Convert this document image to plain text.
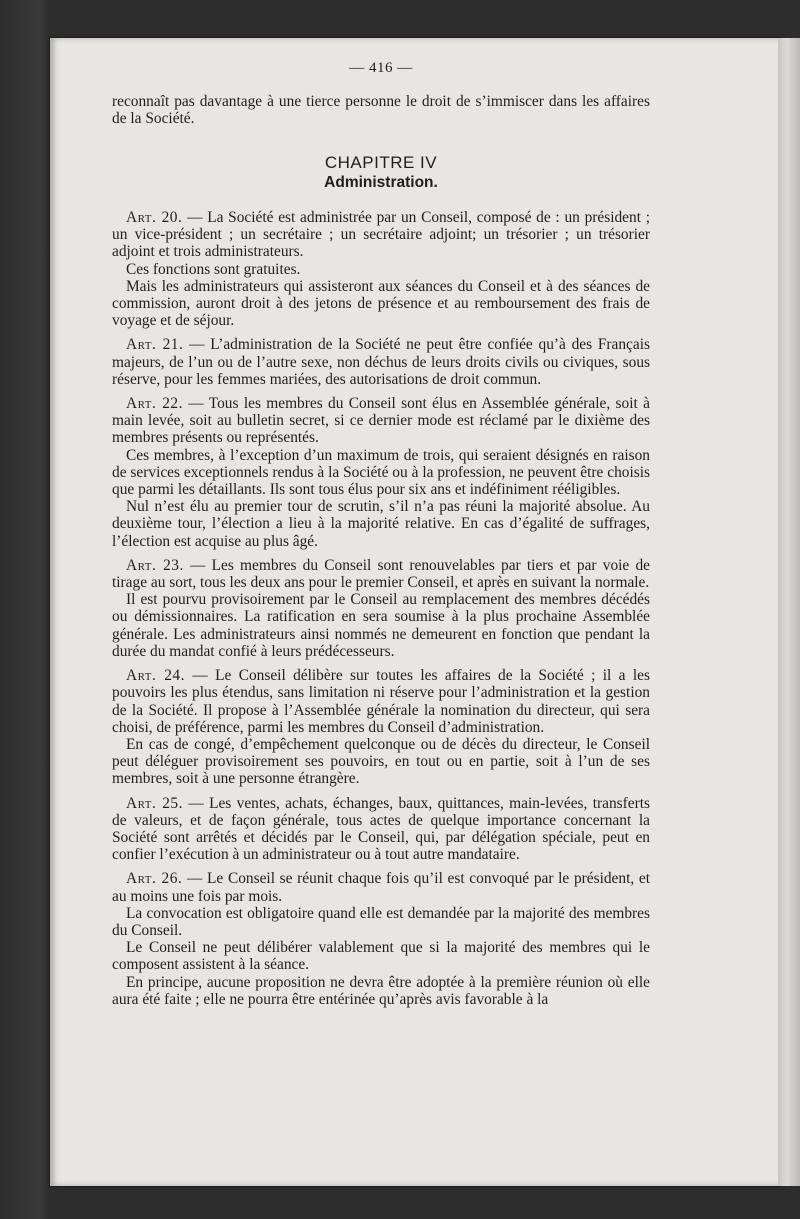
— 416 —

reconnaît pas davantage à une tierce personne le droit de s’immiscer dans les affaires de la Société.

CHAPITRE IV
Administration.

Art. 20. — La Société est administrée par un Conseil, composé de : un président ; un vice-président ; un secrétaire ; un secrétaire adjoint; un trésorier ; un trésorier adjoint et trois administrateurs.

Ces fonctions sont gratuites.

Mais les administrateurs qui assisteront aux séances du Conseil et à des séances de commission, auront droit à des jetons de présence et au remboursement des frais de voyage et de séjour.

Art. 21. — L’administration de la Société ne peut être confiée qu’à des Français majeurs, de l’un ou de l’autre sexe, non déchus de leurs droits civils ou civiques, sous réserve, pour les femmes mariées, des autorisations de droit commun.

Art. 22. — Tous les membres du Conseil sont élus en Assemblée générale, soit à main levée, soit au bulletin secret, si ce dernier mode est réclamé par le dixième des membres présents ou représentés.

Ces membres, à l’exception d’un maximum de trois, qui seraient désignés en raison de services exceptionnels rendus à la Société ou à la profession, ne peuvent être choisis que parmi les détaillants. Ils sont tous élus pour six ans et indéfiniment rééligibles.

Nul n’est élu au premier tour de scrutin, s’il n’a pas réuni la majorité absolue. Au deuxième tour, l’élection a lieu à la majorité relative. En cas d’égalité de suffrages, l’élection est acquise au plus âgé.

Art. 23. — Les membres du Conseil sont renouvelables par tiers et par voie de tirage au sort, tous les deux ans pour le premier Conseil, et après en suivant la normale.

Il est pourvu provisoirement par le Conseil au remplacement des membres décédés ou démissionnaires. La ratification en sera soumise à la plus prochaine Assemblée générale. Les administrateurs ainsi nommés ne demeurent en fonction que pendant la durée du mandat confié à leurs prédécesseurs.

Art. 24. — Le Conseil délibère sur toutes les affaires de la Société ; il a les pouvoirs les plus étendus, sans limitation ni réserve pour l’administration et la gestion de la Société. Il propose à l’Assemblée générale la nomination du directeur, qui sera choisi, de préférence, parmi les membres du Conseil d’administration.

En cas de congé, d’empêchement quelconque ou de décès du directeur, le Conseil peut déléguer provisoirement ses pouvoirs, en tout ou en partie, soit à l’un de ses membres, soit à une personne étrangère.

Art. 25. — Les ventes, achats, échanges, baux, quittances, main-levées, transferts de valeurs, et de façon générale, tous actes de quelque importance concernant la Société sont arrêtés et décidés par le Conseil, qui, par délégation spéciale, peut en confier l’exécution à un administrateur ou à tout autre mandataire.

Art. 26. — Le Conseil se réunit chaque fois qu’il est convoqué par le président, et au moins une fois par mois.

La convocation est obligatoire quand elle est demandée par la majorité des membres du Conseil.

Le Conseil ne peut délibérer valablement que si la majorité des membres qui le composent assistent à la séance.

En principe, aucune proposition ne devra être adoptée à la première réunion où elle aura été faite ; elle ne pourra être entérinée qu’après avis favorable à la
